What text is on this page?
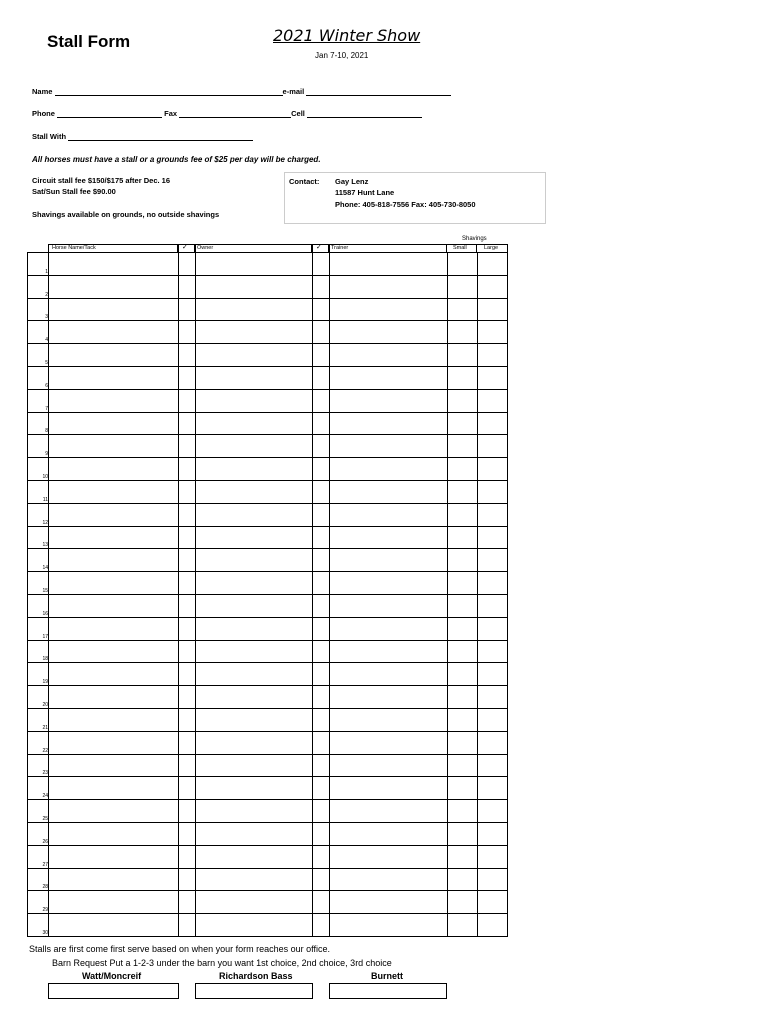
Stall Form	2021 Winter Show
Jan 7-10, 2021
Name	e-mail
Phone	Fax	Cell
Stall With
All horses must have a stall or a grounds fee of $25 per day will be charged.
Circuit stall fee $150/$175 after Dec. 16
Sat/Sun Stall fee $90.00
Shavings available on grounds, no outside shavings
Contact: Gay Lenz
11587 Hunt Lane
Phone: 405-818-7556 Fax: 405-730-8050
Shavings
Horse Name/Tack	✓ Owner	✓ Trainer	Small	Large
1							
2							
3							
4							
5							
6							
7							
8							
9							
10							
11							
12							
13							
14							
15							
16							
17							
18							
19							
20							
21							
22							
23							
24							
25							
26							
27							
28							
29							
30							
Stalls are first come first serve based on when your form reaches our office.
Barn Request Put a 1-2-3 under the barn you want 1st choice, 2nd choice, 3rd choice
Watt/Moncreif	Richardson Bass	Burnett
